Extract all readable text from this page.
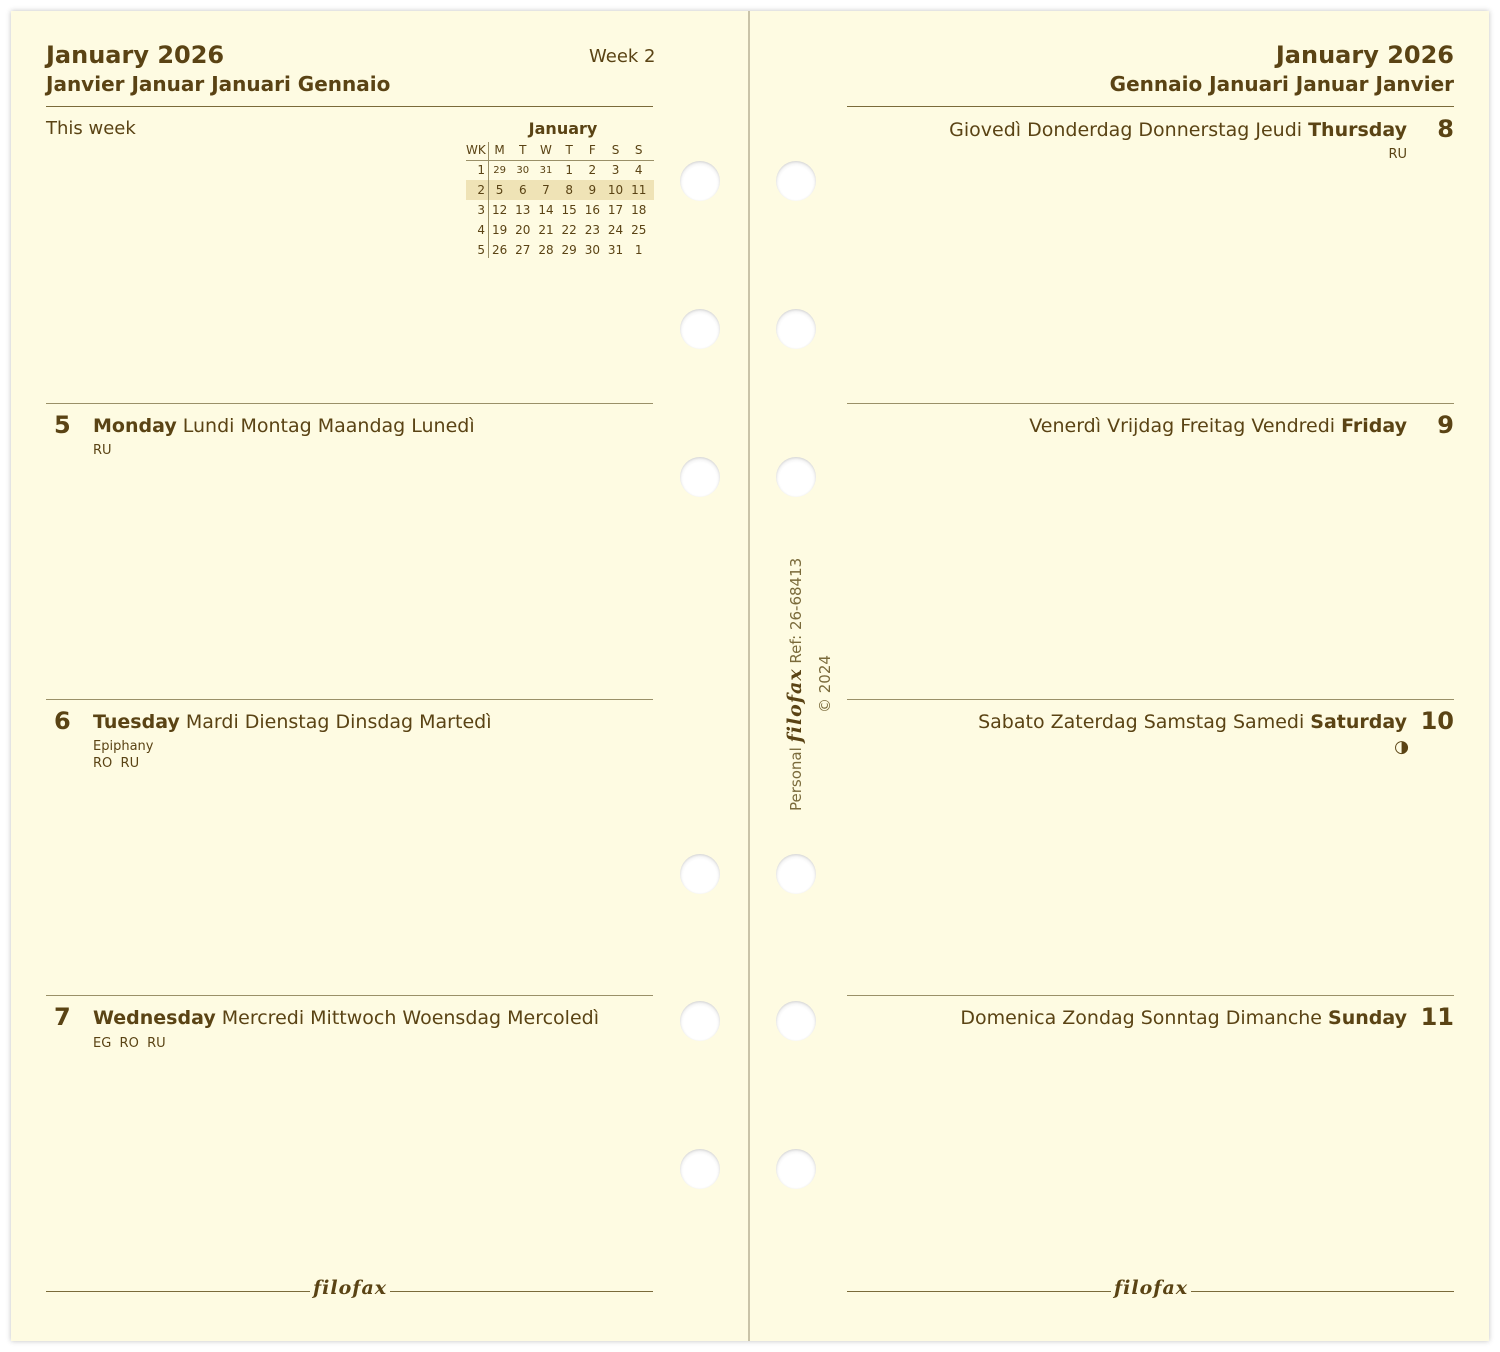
January 2026
Janvier Januar Januari Gennaio
Week 2
This week	January
WK M	T	W	T	F	S	S
1 29	30	31	1	2	3	4
2 5	6	7	8	9 10 11
3 12 13 14 15 16 17 18
4 19 20 21 22 23 24 25
5 26 27 28 29 30 31 1
5 Monday Lundi Montag Maandag Lunedì
RU
6 Tuesday Mardi Dienstag Dinsdag Martedì
Epiphany
RO  RU
7 Wednesday Mercredi Mittwoch Woensdag Mercoledì
EG  RO  RU
filofax
Personal filofax Ref: 26-68413
© 2024
January 2026
Gennaio Januari Januar Janvier
Giovedì Donderdag Donnerstag Jeudi Thursday 8
RU
Venerdì Vrijdag Freitag Vendredi Friday 9
Sabato Zaterdag Samstag Samedi Saturday 10
◑
Domenica Zondag Sonntag Dimanche Sunday 11
filofax
